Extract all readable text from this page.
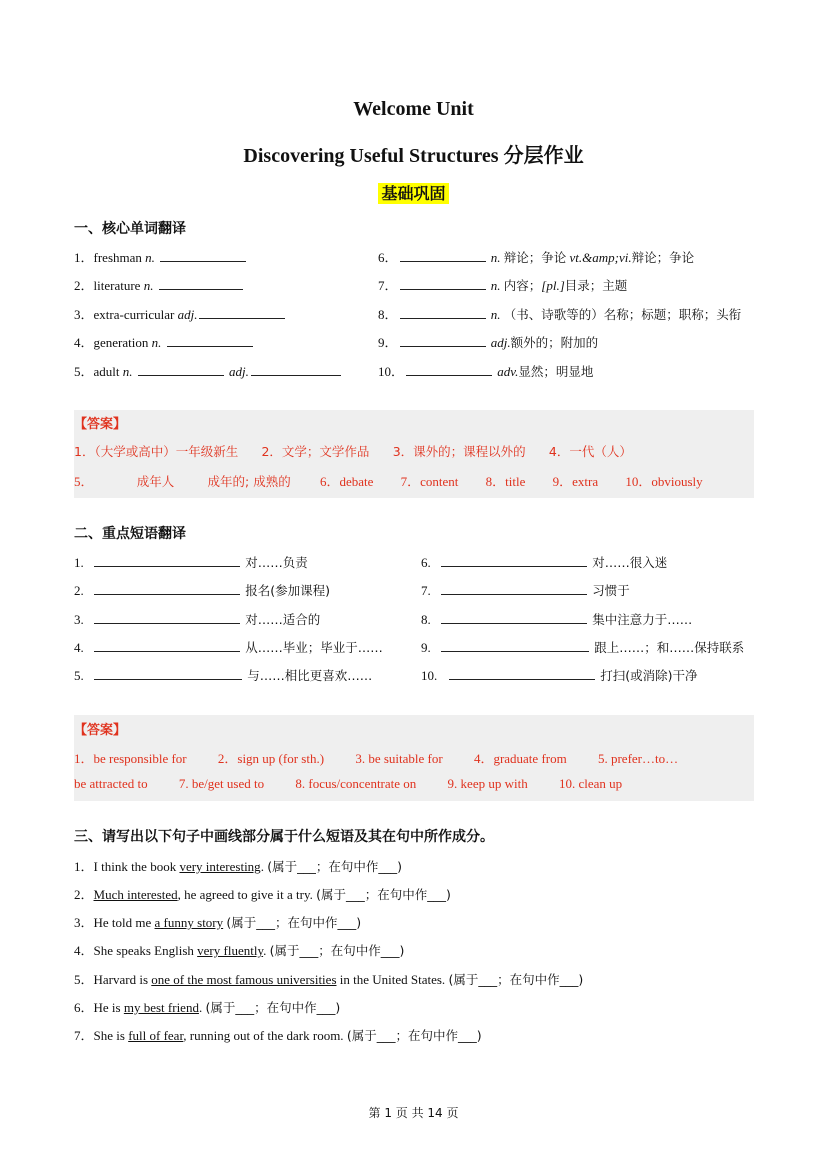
Welcome Unit
Discovering Useful Structures 分层作业
基础巩固
一、核心单词翻译
1．freshman n.
2．literature n.
3．extra-curricular adj.
4．generation n.
5．adult n.	adj.
6．	n. 辩论；争论 vt.&amp;vi.辩论；争论
7．	n. 内容；[pl.]目录；主题
8．	n. （书、诗歌等的）名称；标题；职称；头衔
9．	adj.额外的；附加的
10．	adv.显然；明显地
【答案】
1．（大学或高中）一年级新生 2．文学；文学作品 3．课外的；课程以外的 4．一代（人）
5．	成年人	成年的; 成熟的 6．debate 7．content 8．title 9．extra 10．obviously
二、重点短语翻译
1.	对……负责
2.	报名(参加课程)
3.	对……适合的
4.	从……毕业；毕业于……
5.	与……相比更喜欢……
6.	对……很入迷
7.	习惯于
8.	集中注意力于……
9.	跟上……；和……保持联系
10.	打扫(或消除)干净
【答案】
1．be responsible for 2．sign up (for sth.) 3. be suitable for 4．graduate from 5. prefer…to…
be attracted to 7. be/get used to 8. focus/concentrate on 9. keep up with 10. clean up
三、请写出以下句子中画线部分属于什么短语及其在句中所作成分。
1．I think the book very interesting. (属于___；在句中作___)
2．Much interested, he agreed to give it a try. (属于___；在句中作___)
3．He told me a funny story (属于___；在句中作___)
4．She speaks English very fluently. (属于___；在句中作___)
5．Harvard is one of the most famous universities in the United States. (属于___；在句中作___)
6．He is my best friend. (属于___；在句中作___)
7．She is full of fear, running out of the dark room. (属于___；在句中作___)
第 1 页 共 14 页
